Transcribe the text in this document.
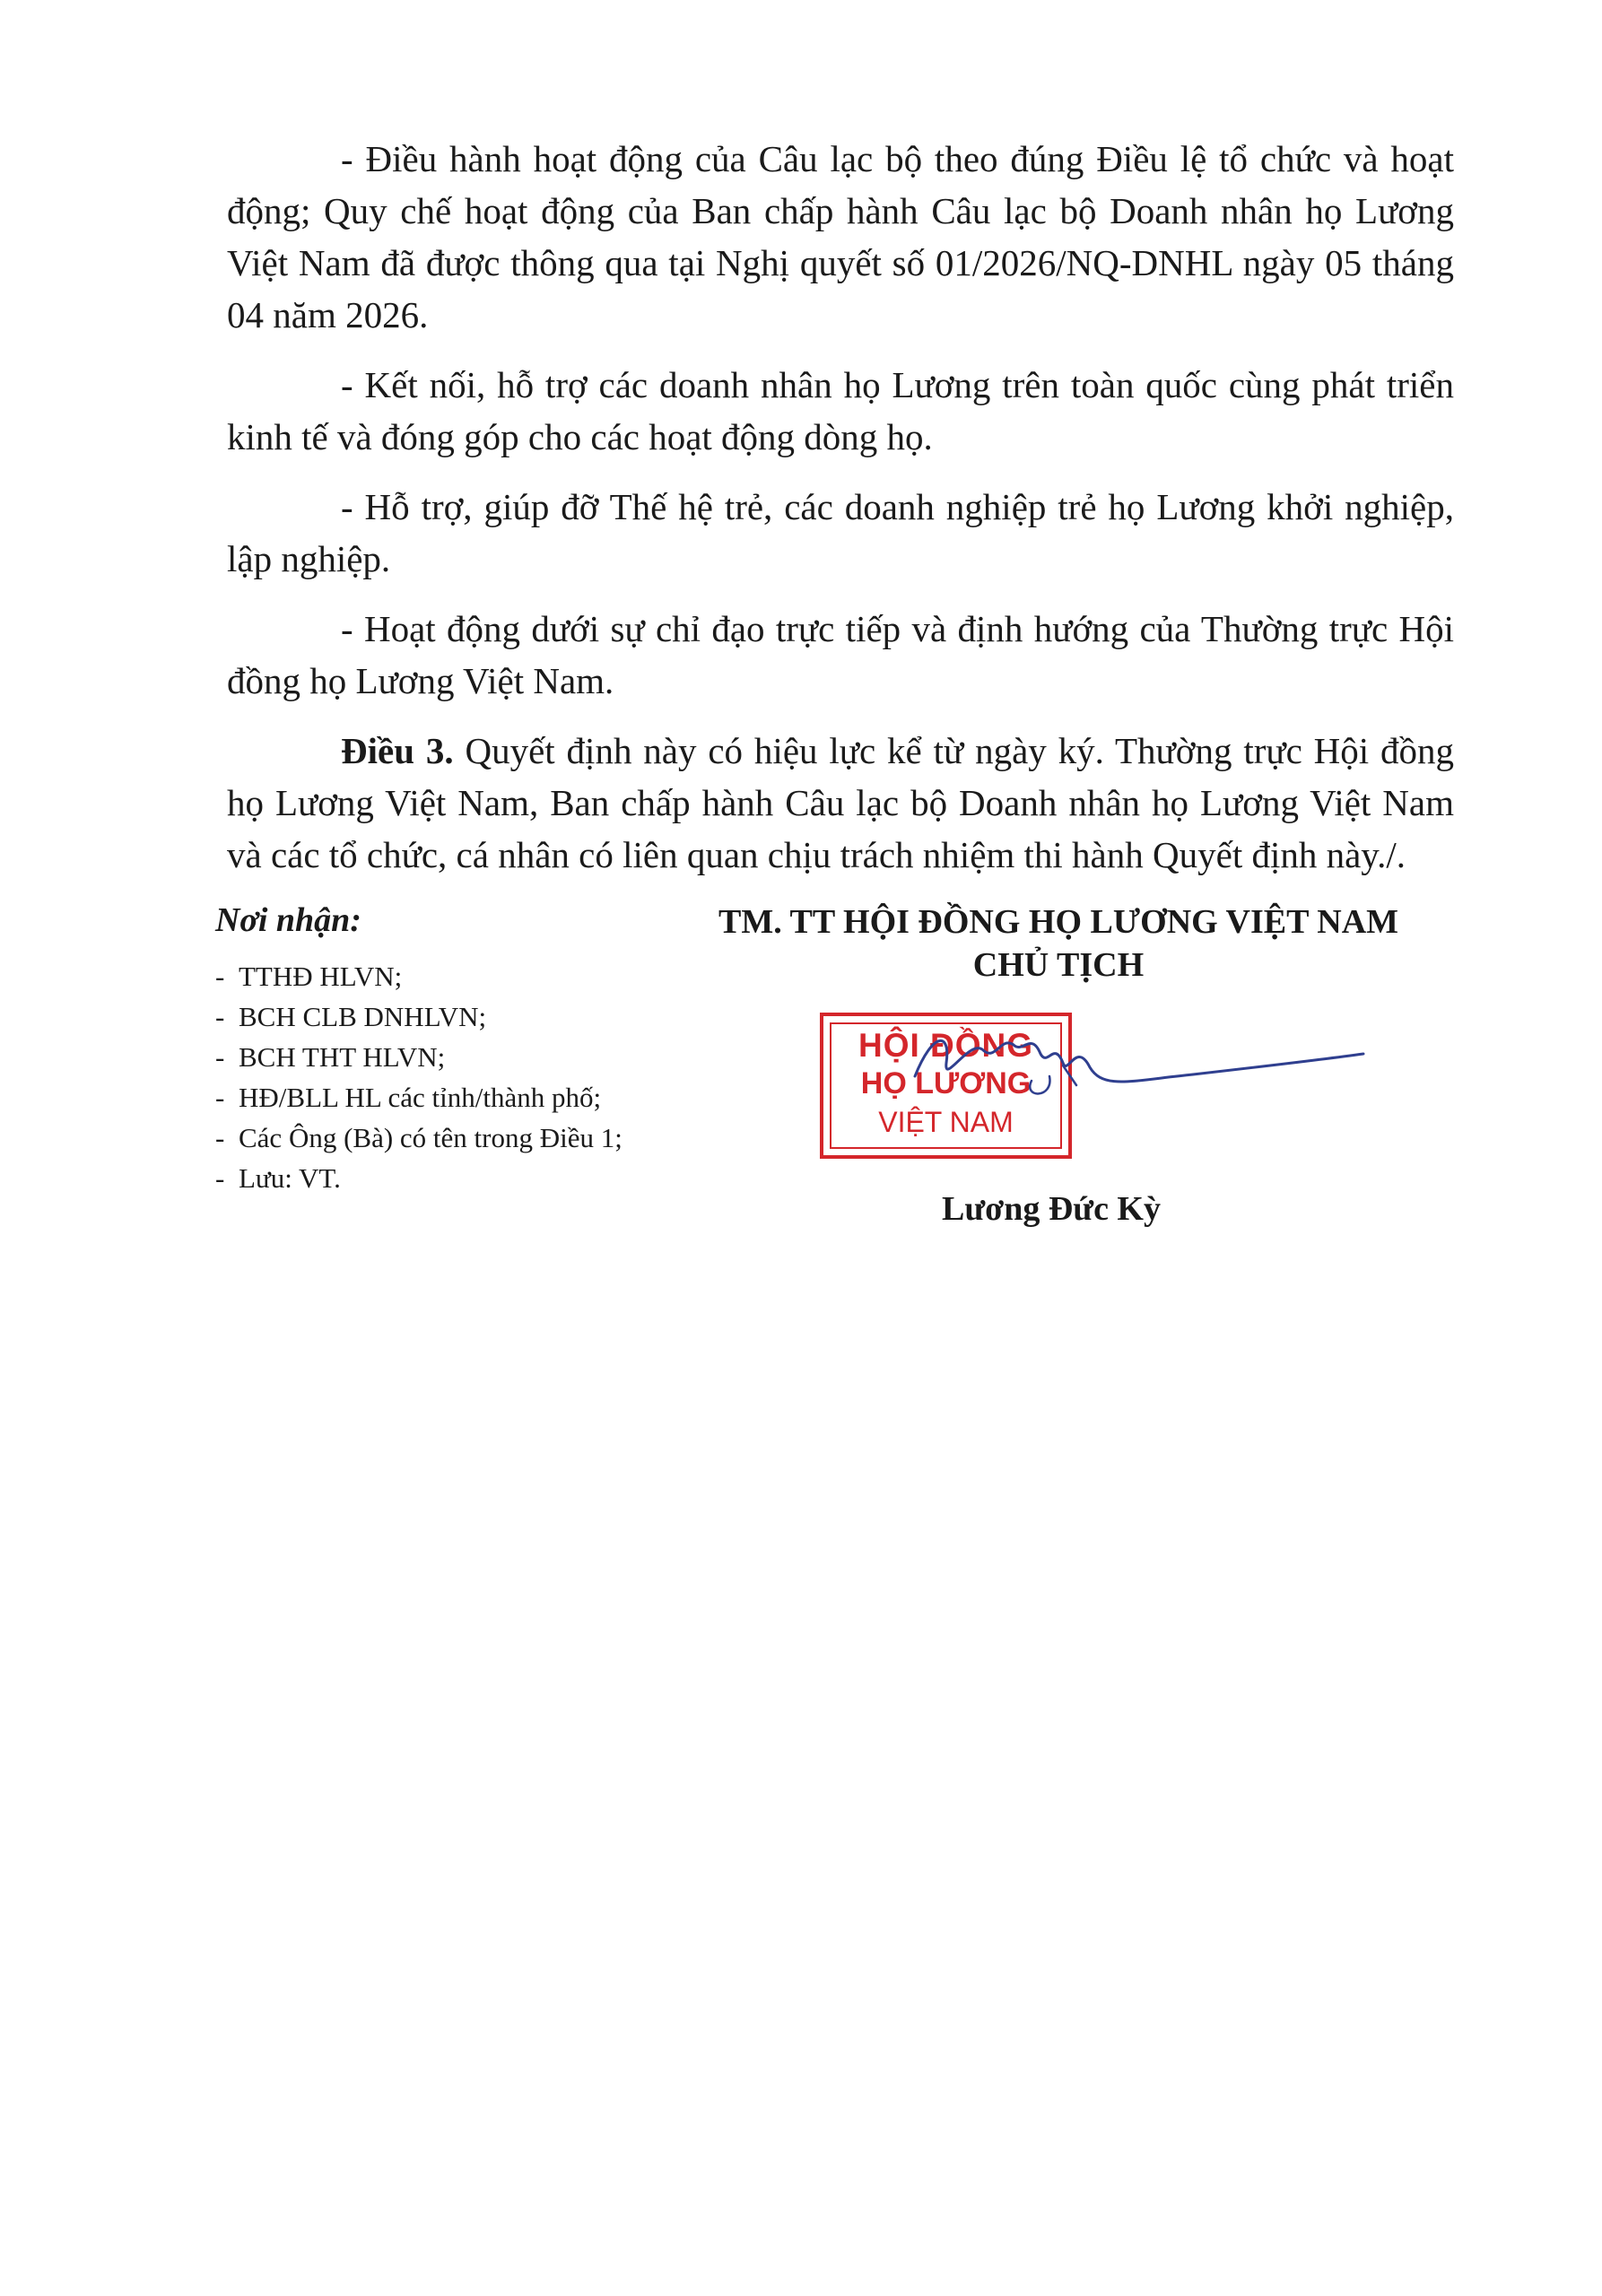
- Điều hành hoạt động của Câu lạc bộ theo đúng Điều lệ tổ chức và hoạt động; Quy chế hoạt động của Ban chấp hành Câu lạc bộ Doanh nhân họ Lương Việt Nam đã được thông qua tại Nghị quyết số 01/2026/NQ-DNHL ngày 05 tháng 04 năm 2026.

- Kết nối, hỗ trợ các doanh nhân họ Lương trên toàn quốc cùng phát triển kinh tế và đóng góp cho các hoạt động dòng họ.

- Hỗ trợ, giúp đỡ Thế hệ trẻ, các doanh nghiệp trẻ họ Lương khởi nghiệp, lập nghiệp.

- Hoạt động dưới sự chỉ đạo trực tiếp và định hướng của Thường trực Hội đồng họ Lương Việt Nam.

Điều 3. Quyết định này có hiệu lực kể từ ngày ký. Thường trực Hội đồng họ Lương Việt Nam, Ban chấp hành Câu lạc bộ Doanh nhân họ Lương Việt Nam và các tổ chức, cá nhân có liên quan chịu trách nhiệm thi hành Quyết định này./.

Nơi nhận:

- TTHĐ HLVN;
- BCH CLB DNHLVN;
- BCH THT HLVN;
- HĐ/BLL HL các tỉnh/thành phố;
- Các Ông (Bà) có tên trong Điều 1;
- Lưu: VT.

TM. TT HỘI ĐỒNG HỌ LƯƠNG VIỆT NAM

CHỦ TỊCH

HỘI ĐỒNG
HỌ LƯƠNG
VIỆT NAM
Lương Đức Kỳ
